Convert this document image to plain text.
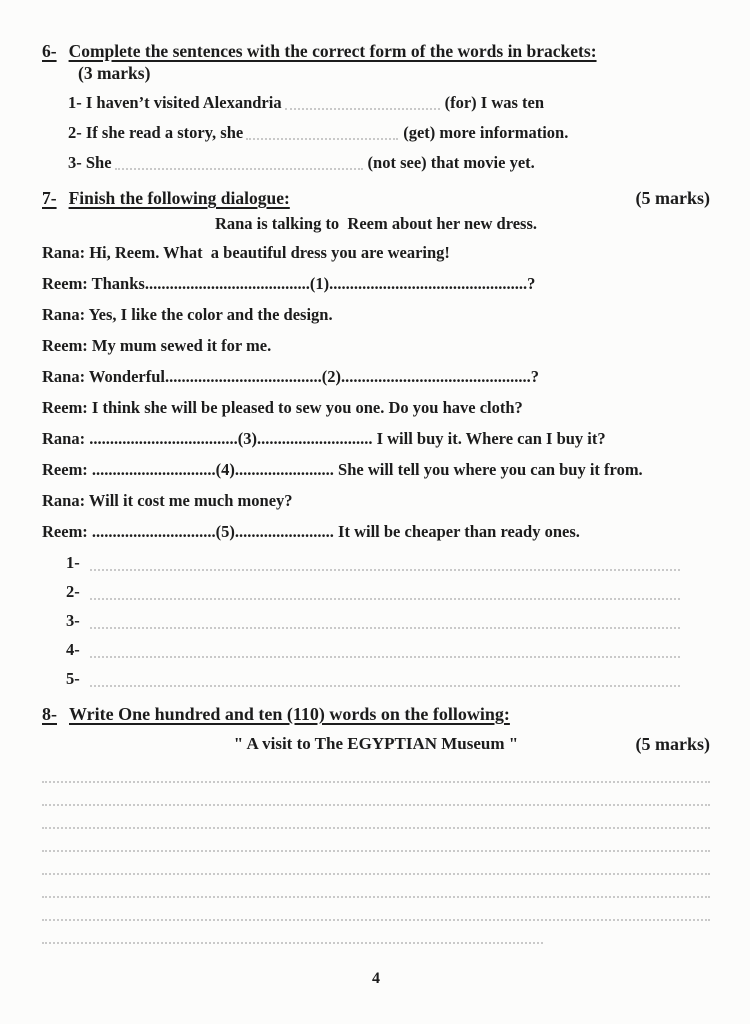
6- Complete the sentences with the correct form of the words in brackets:
(3 marks)
1- I haven’t visited Alexandria	(for) I was ten
2- If she read a story, she	(get) more information.
3- She	(not see) that movie yet.
7- Finish the following dialogue:	(5 marks)
Rana is talking to  Reem about her new dress.
Rana: Hi, Reem. What  a beautiful dress you are wearing!
Reem: Thanks........................................(1)................................................?
Rana: Yes, I like the color and the design.
Reem: My mum sewed it for me.
Rana: Wonderful......................................(2)..............................................?
Reem: I think she will be pleased to sew you one. Do you have cloth?
Rana: ....................................(3)............................ I will buy it. Where can I buy it?
Reem: ..............................(4)........................ She will tell you where you can buy it from.
Rana: Will it cost me much money?
Reem: ..............................(5)........................ It will be cheaper than ready ones.
1-
2-
3-
4-
5-
8- Write One hundred and ten (110) words on the following:
" A visit to The EGYPTIAN Museum "	(5 marks)
4
